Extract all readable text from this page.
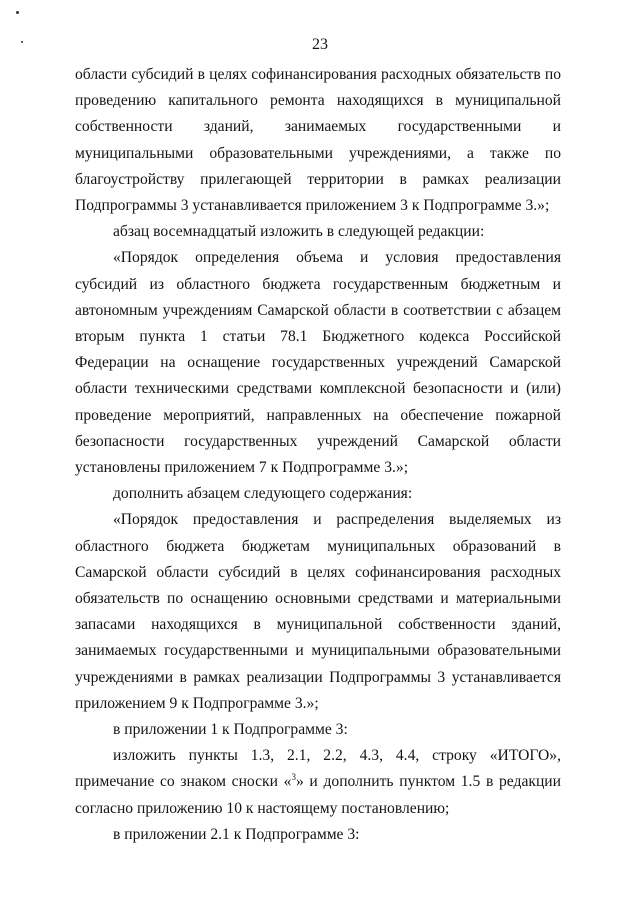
23

области субсидий в целях софинансирования расходных обязательств по проведению капитального ремонта находящихся в муниципальной собственности зданий, занимаемых государственными и муниципальными образовательными учреждениями, а также по благоустройству прилегающей территории в рамках реализации Подпрограммы 3 устанавливается приложением 3 к Подпрограмме 3.»;

абзац восемнадцатый изложить в следующей редакции:

«Порядок определения объема и условия предоставления субсидий из областного бюджета государственным бюджетным и автономным учреждениям Самарской области в соответствии с абзацем вторым пункта 1 статьи 78.1 Бюджетного кодекса Российской Федерации на оснащение государственных учреждений Самарской области техническими средствами комплексной безопасности и (или) проведение мероприятий, направленных на обеспечение пожарной безопасности государственных учреждений Самарской области установлены приложением 7 к Подпрограмме 3.»;

дополнить абзацем следующего содержания:

«Порядок предоставления и распределения выделяемых из областного бюджета бюджетам муниципальных образований в Самарской области субсидий в целях софинансирования расходных обязательств по оснащению основными средствами и материальными запасами находящихся в муниципальной собственности зданий, занимаемых государственными и муниципальными образовательными учреждениями в рамках реализации Подпрограммы 3 устанавливается приложением 9 к Подпрограмме 3.»;

в приложении 1 к Подпрограмме 3:

изложить пункты 1.3, 2.1, 2.2, 4.3, 4.4, строку «ИТОГО», примечание со знаком сноски «$^3$» и дополнить пунктом 1.5 в редакции согласно приложению 10 к настоящему постановлению;

в приложении 2.1 к Подпрограмме 3:
